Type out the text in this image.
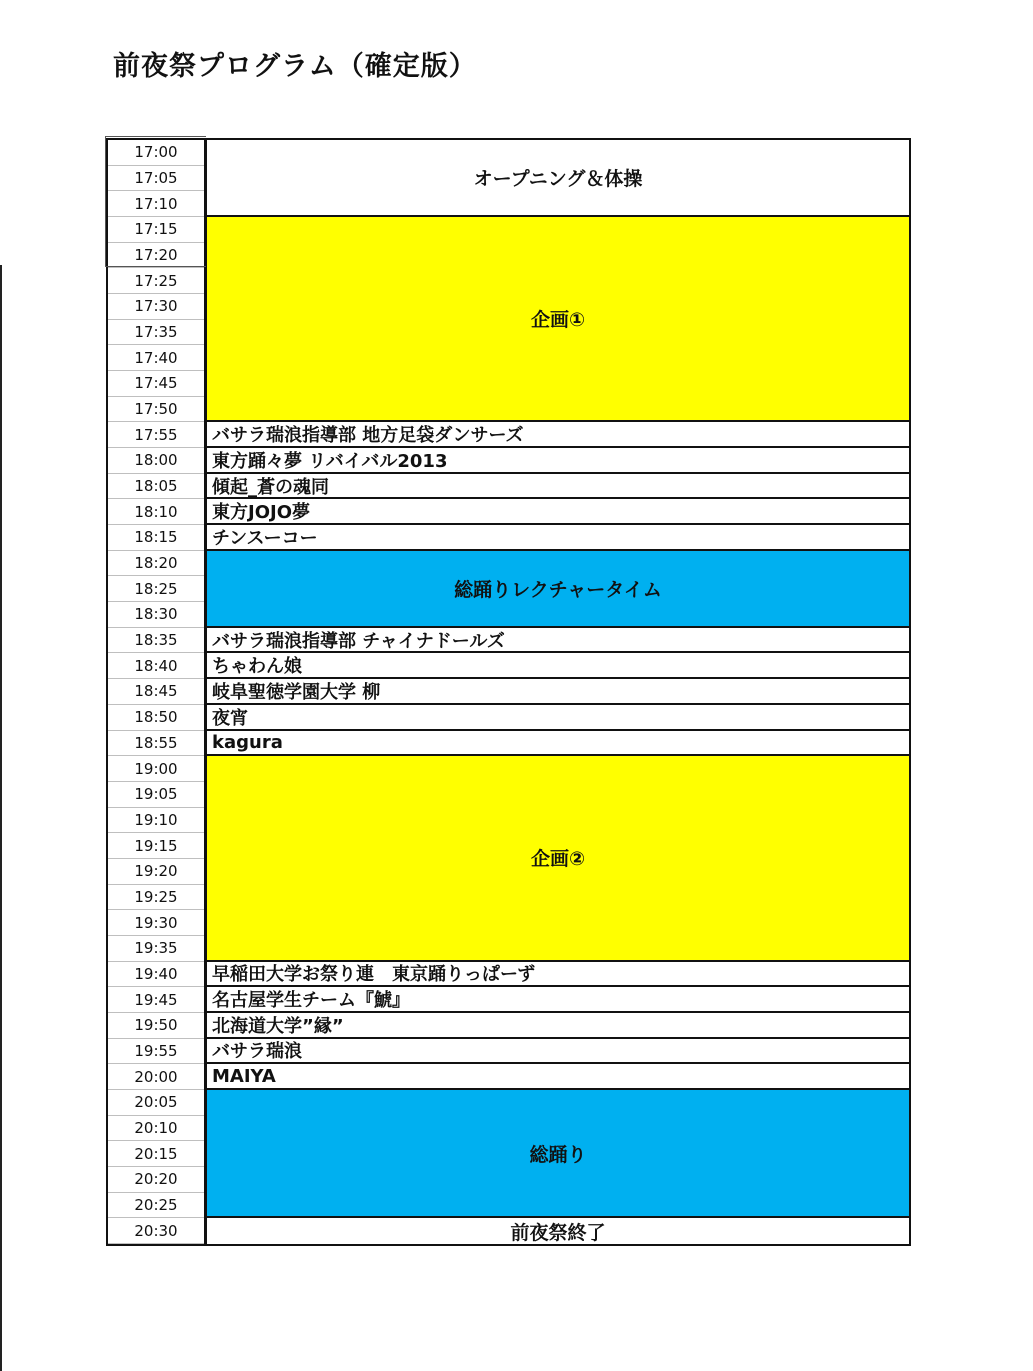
前夜祭プログラム（確定版）
17:00
17:05
17:10
17:15
17:20
17:25
17:30
17:35
17:40
17:45
17:50
17:55
18:00
18:05
18:10
18:15
18:20
18:25
18:30
18:35
18:40
18:45
18:50
18:55
19:00
19:05
19:10
19:15
19:20
19:25
19:30
19:35
19:40
19:45
19:50
19:55
20:00
20:05
20:10
20:15
20:20
20:25
20:30
オープニング＆体操
企画①
バサラ瑞浪指導部 地方足袋ダンサーズ
東方踊々夢 リバイバル2013
傾起_蒼の魂同
東方JOJO夢
チンスーコー
総踊りレクチャータイム
バサラ瑞浪指導部 チャイナドールズ
ちゃわん娘
岐阜聖徳学園大学 柳
夜宵
kagura
企画②
早稲田大学お祭り連　東京踊りっぱーず
名古屋学生チーム『鯱』
北海道大学”縁”
バサラ瑞浪
MAIYA
総踊り
前夜祭終了
